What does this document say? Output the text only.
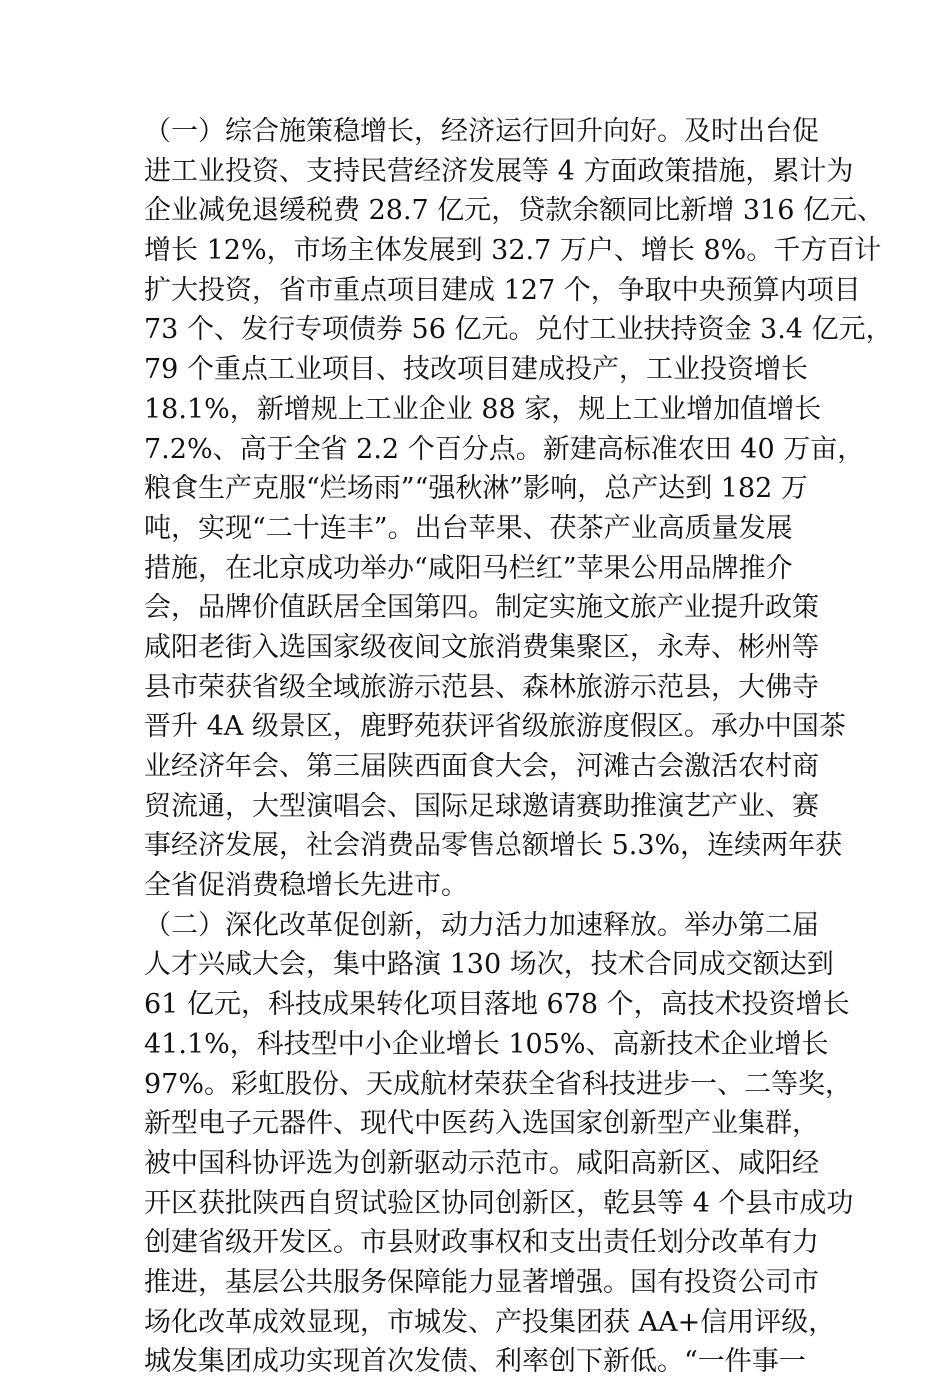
（一）综合施策稳增长，经济运行回升向好。及时出台促
进工业投资、支持民营经济发展等 4 方面政策措施，累计为
企业减免退缓税费 28.7 亿元，贷款余额同比新增 316 亿元、
增长 12%，市场主体发展到 32.7 万户、增长 8%。千方百计
扩大投资，省市重点项目建成 127 个，争取中央预算内项目
73 个、发行专项债券 56 亿元。兑付工业扶持资金 3.4 亿元，
79 个重点工业项目、技改项目建成投产，工业投资增长
18.1%，新增规上工业企业 88 家，规上工业增加值增长
7.2%、高于全省 2.2 个百分点。新建高标准农田 40 万亩，
粮食生产克服“烂场雨”“强秋淋”影响，总产达到 182 万
吨，实现“二十连丰”。出台苹果、茯茶产业高质量发展
措施，在北京成功举办“咸阳马栏红”苹果公用品牌推介
会，品牌价值跃居全国第四。制定实施文旅产业提升政策
咸阳老街入选国家级夜间文旅消费集聚区，永寿、彬州等
县市荣获省级全域旅游示范县、森林旅游示范县，大佛寺
晋升 4A 级景区，鹿野苑获评省级旅游度假区。承办中国茶
业经济年会、第三届陕西面食大会，河滩古会激活农村商
贸流通，大型演唱会、国际足球邀请赛助推演艺产业、赛
事经济发展，社会消费品零售总额增长 5.3%，连续两年获
全省促消费稳增长先进市。
（二）深化改革促创新，动力活力加速释放。举办第二届
人才兴咸大会，集中路演 130 场次，技术合同成交额达到
61 亿元，科技成果转化项目落地 678 个，高技术投资增长
41.1%，科技型中小企业增长 105%、高新技术企业增长
97%。彩虹股份、天成航材荣获全省科技进步一、二等奖，
新型电子元器件、现代中医药入选国家创新型产业集群，
被中国科协评选为创新驱动示范市。咸阳高新区、咸阳经
开区获批陕西自贸试验区协同创新区，乾县等 4 个县市成功
创建省级开发区。市县财政事权和支出责任划分改革有力
推进，基层公共服务保障能力显著增强。国有投资公司市
场化改革成效显现，市城发、产投集团获 AA+信用评级，
城发集团成功实现首次发债、利率创下新低。“一件事一
